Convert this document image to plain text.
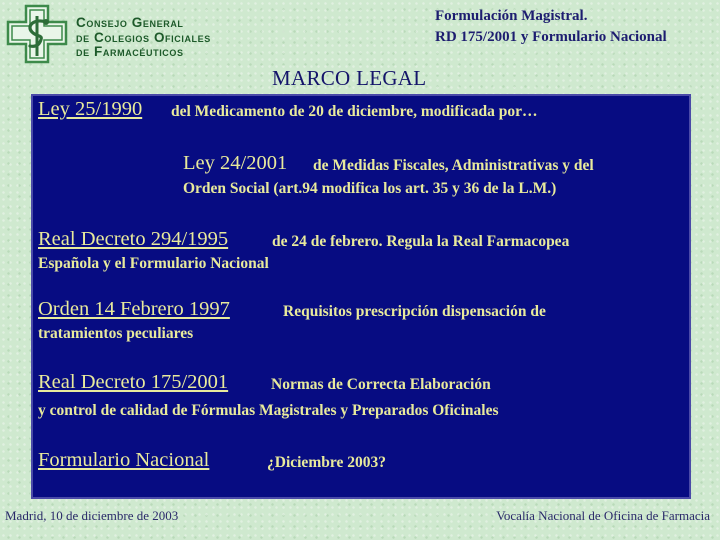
Consejo General
de Colegios Oficiales
de Farmacéuticos
Formulación Magistral.
RD 175/2001 y Formulario Nacional
MARCO LEGAL
Ley 25/1990 del Medicamento de 20 de diciembre, modificada por…
Ley 24/2001 de Medidas Fiscales, Administrativas y del
Orden Social (art.94 modifica los art. 35 y 36 de la L.M.)
Real Decreto 294/1995	de 24 de febrero. Regula la Real Farmacopea
Española y el Formulario Nacional
Orden 14 Febrero 1997	Requisitos prescripción dispensación de
tratamientos peculiares
Real Decreto 175/2001	Normas de Correcta Elaboración
y control de calidad de Fórmulas Magistrales y Preparados Oficinales
Formulario Nacional	¿Diciembre 2003?
Madrid, 10 de diciembre de 2003	Vocalía Nacional de Oficina de Farmacia
